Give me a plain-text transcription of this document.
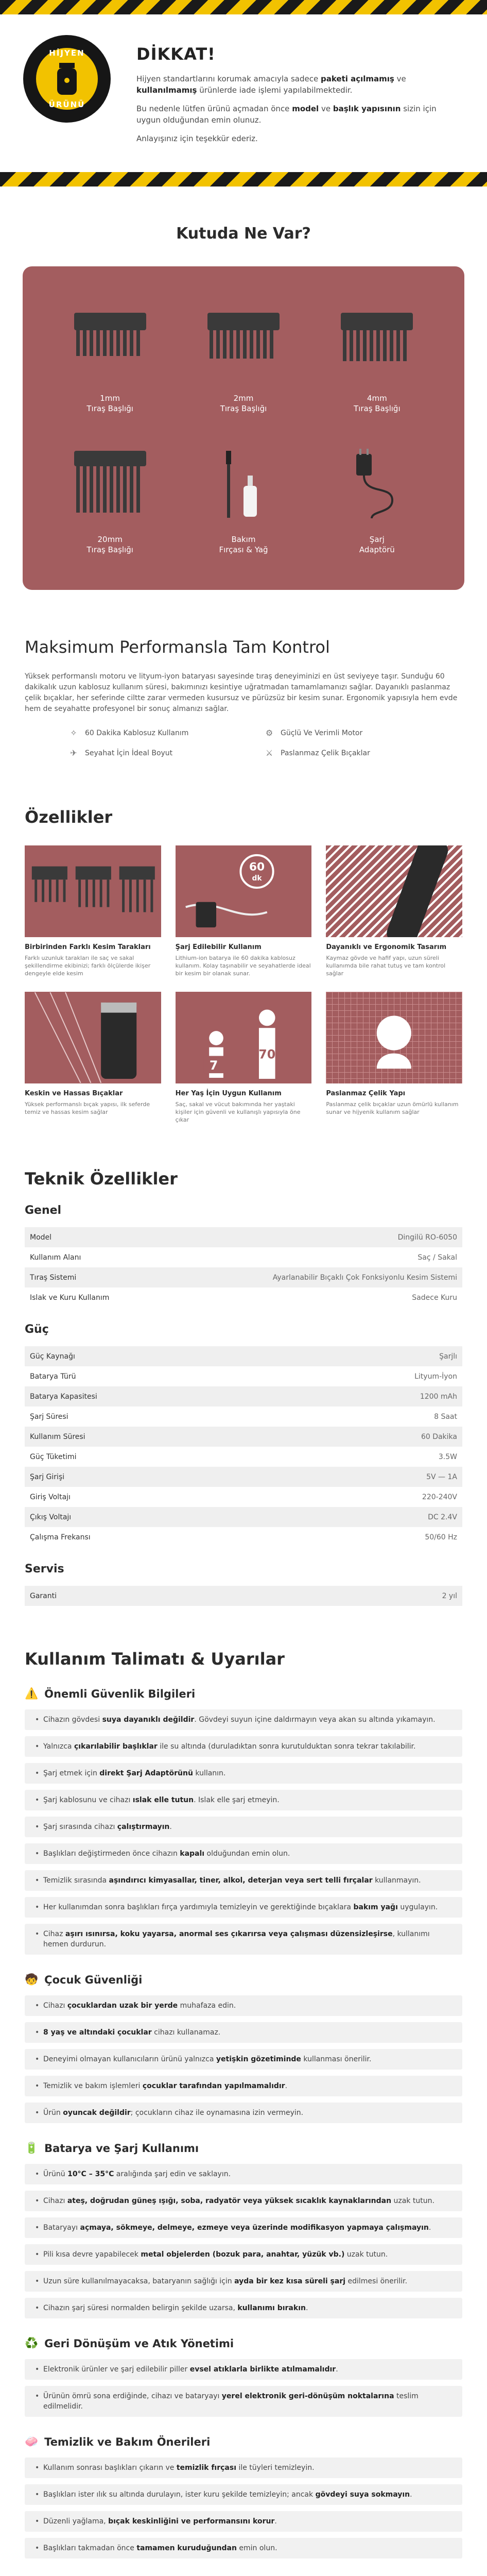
HİJYEN
ÜRÜNÜ
DİKKAT!

Hijyen standartlarını korumak amacıyla sadece paketi açılmamış ve kullanılmamış ürünlerde iade işlemi yapılabilmektedir.

Bu nedenle lütfen ürünü açmadan önce model ve başlık yapısının sizin için uygun olduğundan emin olunuz.

Anlayışınız için teşekkür ederiz.

Kutuda Ne Var?
1mm
Tıraş Başlığı
2mm
Tıraş Başlığı
4mm
Tıraş Başlığı
20mm
Tıraş Başlığı
Bakım
Fırçası & Yağ
Şarj
Adaptörü
Maksimum Performansla Tam Kontrol

Yüksek performanslı motoru ve lityum-iyon bataryası sayesinde tıraş deneyiminizi en üst seviyeye taşır. Sunduğu 60 dakikalık uzun kablosuz kullanım süresi, bakımınızı kesintiye uğratmadan tamamlamanızı sağlar. Dayanıklı paslanmaz çelik bıçaklar, her seferinde ciltte zarar vermeden kusursuz ve pürüzsüz bir kesim sunar. Ergonomik yapısıyla hem evde hem de seyahatte profesyonel bir sonuç almanızı sağlar.

✧ 60 Dakika Kablosuz Kullanım	⚙ Güçlü Ve Verimli Motor
✈ Seyahat İçin İdeal Boyut	⚔ Paslanmaz Çelik Bıçaklar
Özellikler
Birbirinden Farklı Kesim Tarakları
Farklı uzunluk tarakları ile saç ve sakal şekillendirme ekibinizi; farklı ölçülerde ikişer dengeyle elde kesim
60
dk
Şarj Edilebilir Kullanım
Lithium-ion batarya ile 60 dakika kablosuz kullanım. Kolay taşınabilir ve seyahatlerde ideal bir kesim bir olanak sunar.
Dayanıklı ve Ergonomik Tasarım
Kaymaz gövde ve hafif yapı, uzun süreli kullanımda bile rahat tutuş ve tam kontrol sağlar
Keskin ve Hassas Bıçaklar
Yüksek performanslı bıçak yapısı, ilk seferde temiz ve hassas kesim sağlar
7
70
Her Yaş İçin Uygun Kullanım
Saç, sakal ve vücut bakımında her yaştaki kişiler için güvenli ve kullanışlı yapısıyla öne çıkar
Paslanmaz Çelik Yapı
Paslanmaz çelik bıçaklar uzun ömürlü kullanım sunar ve hijyenik kullanım sağlar
Teknik Özellikler
Genel
Model	Dingilü RO-6050
Kullanım Alanı	Saç / Sakal
Tıraş Sistemi	Ayarlanabilir Bıçaklı Çok Fonksiyonlu Kesim Sistemi
Islak ve Kuru Kullanım	Sadece Kuru
Güç
Güç Kaynağı	Şarjlı
Batarya Türü	Lityum-İyon
Batarya Kapasitesi	1200 mAh
Şarj Süresi	8 Saat
Kullanım Süresi	60 Dakika
Güç Tüketimi	3.5W
Şarj Girişi	5V — 1A
Giriş Voltajı	220-240V
Çıkış Voltajı	DC 2.4V
Çalışma Frekansı	50/60 Hz
Servis
Garanti	2 yıl
Kullanım Talimatı & Uyarılar
⚠️ Önemli Güvenlik Bilgileri
• Cihazın gövdesi suya dayanıklı değildir. Gövdeyi suyun içine daldırmayın veya akan su altında yıkamayın.
• Yalnızca çıkarılabilir başlıklar ile su altında (duruladıktan sonra kurutulduktan sonra tekrar takılabilir.
• Şarj etmek için direkt Şarj Adaptörünü kullanın.
• Şarj kablosunu ve cihazı ıslak elle tutun. Islak elle şarj etmeyin.
• Şarj sırasında cihazı çalıştırmayın.
• Başlıkları değiştirmeden önce cihazın kapalı olduğundan emin olun.
• Temizlik sırasında aşındırıcı kimyasallar, tiner, alkol, deterjan veya sert telli fırçalar kullanmayın.
• Her kullanımdan sonra başlıkları fırça yardımıyla temizleyin ve gerektiğinde bıçaklara bakım yağı uygulayın.
• Cihaz aşırı ısınırsa, koku yayarsa, anormal ses çıkarırsa veya çalışması düzensizleşirse, kullanımı hemen durdurun.
🧒 Çocuk Güvenliği
• Cihazı çocuklardan uzak bir yerde muhafaza edin.
• 8 yaş ve altındaki çocuklar cihazı kullanamaz.
• Deneyimi olmayan kullanıcıların ürünü yalnızca yetişkin gözetiminde kullanması önerilir.
• Temizlik ve bakım işlemleri çocuklar tarafından yapılmamalıdır.
• Ürün oyuncak değildir; çocukların cihaz ile oynamasına izin vermeyin.
🔋 Batarya ve Şarj Kullanımı
• Ürünü 10°C – 35°C aralığında şarj edin ve saklayın.
• Cihazı ateş, doğrudan güneş ışığı, soba, radyatör veya yüksek sıcaklık kaynaklarından uzak tutun.
• Bataryayı açmaya, sökmeye, delmeye, ezmeye veya üzerinde modifikasyon yapmaya çalışmayın.
• Pili kısa devre yapabilecek metal objelerden (bozuk para, anahtar, yüzük vb.) uzak tutun.
• Uzun süre kullanılmayacaksa, bataryanın sağlığı için ayda bir kez kısa süreli şarj edilmesi önerilir.
• Cihazın şarj süresi normalden belirgin şekilde uzarsa, kullanımı bırakın.
♻️ Geri Dönüşüm ve Atık Yönetimi
• Elektronik ürünler ve şarj edilebilir piller evsel atıklarla birlikte atılmamalıdır.
• Ürünün ömrü sona erdiğinde, cihazı ve bataryayı yerel elektronik geri-dönüşüm noktalarına teslim edilmelidir.
🧼 Temizlik ve Bakım Önerileri
• Kullanım sonrası başlıkları çıkarın ve temizlik fırçası ile tüyleri temizleyin.
• Başlıkları ister ılık su altında durulayın, ister kuru şekilde temizleyin; ancak gövdeyi suya sokmayın.
• Düzenli yağlama, bıçak keskinliğini ve performansını korur.
• Başlıkları takmadan önce tamamen kuruduğundan emin olun.
